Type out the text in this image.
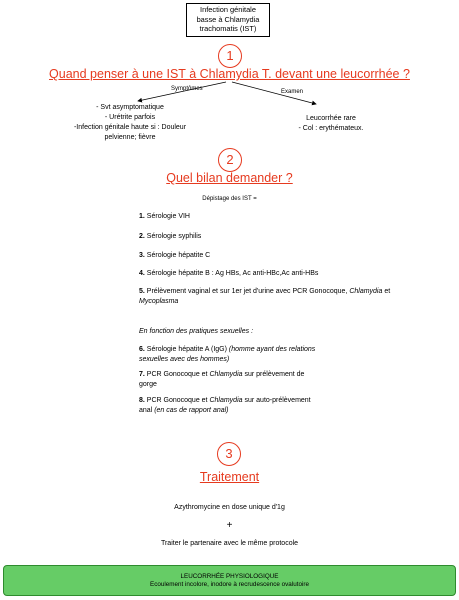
Infection génitale
basse à Chlamydia
trachomatis (IST)
1
Quand penser à une IST à Chlamydia T. devant une leucorrhée ?
Symptômes	Examen
- Svt asymptomatique
- Urétrite parfois
-Infection génitale haute si : Douleur
pelvienne; fièvre
Leucorrhée rare
- Col : erythémateux.
2
Quel bilan demander ?
Dépistage des IST =
1. Sérologie VIH
2. Sérologie syphilis
3. Sérologie hépatite C
4. Sérologie hépatite B : Ag HBs, Ac anti-HBc,Ac anti-HBs
5. Prélèvement vaginal et sur 1er jet d'urine avec PCR Gonocoque, Chlamydia et
Mycoplasma
En fonction des pratiques sexuelles :
6. Sérologie hépatite A (IgG) (homme ayant des relations
sexuelles avec des hommes)
7. PCR Gonocoque et Chlamydia sur prélèvement de
gorge
8. PCR Gonocoque et Chlamydia sur auto-prélèvement
anal (en cas de rapport anal)
3
Traitement
Azythromycine en dose unique d'1g
+
Traiter le partenaire avec le même protocole
LEUCORRHÉE PHYSIOLOGIQUE
Ecoulement incolore, inodore à recrudescence ovalutoire
